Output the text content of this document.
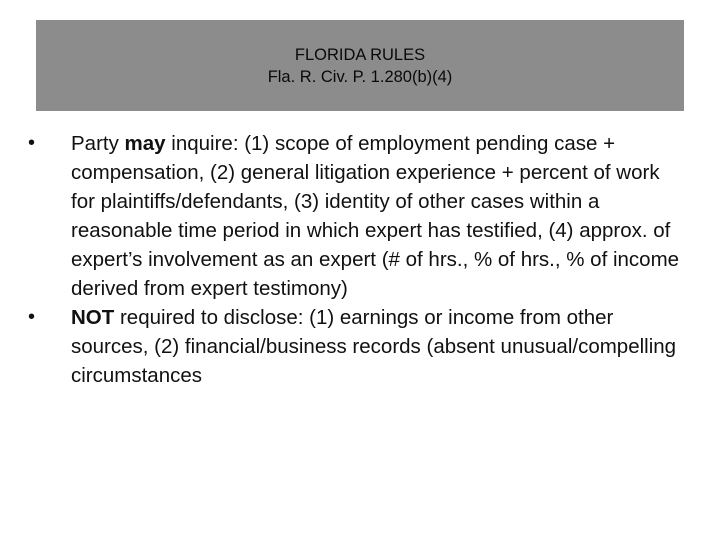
FLORIDA RULES
Fla. R. Civ. P. 1.280(b)(4)
•	Party may inquire: (1) scope of employment pending case + compensation, (2) general litigation experience + percent of work for plaintiffs/defendants, (3) identity of other cases within a reasonable time period in which expert has testified, (4) approx. of expert’s involvement as an expert (# of hrs., % of hrs., % of income derived from expert testimony)
•	NOT required to disclose: (1) earnings or income from other sources, (2) financial/business records (absent unusual/compelling circumstances
